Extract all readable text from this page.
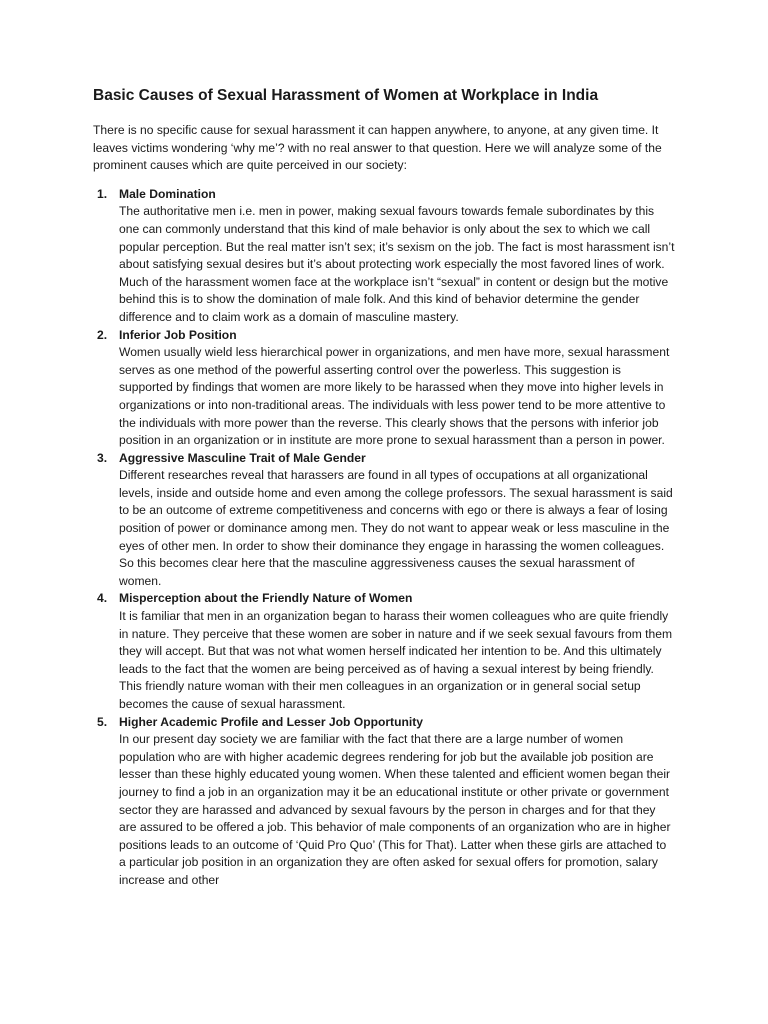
Basic Causes of Sexual Harassment of Women at Workplace in India

There is no specific cause for sexual harassment it can happen anywhere, to anyone, at any given time. It leaves victims wondering ‘why me’? with no real answer to that question. Here we will analyze some of the prominent causes which are quite perceived in our society:

1. Male Domination
The authoritative men i.e. men in power, making sexual favours towards female subordinates by this one can commonly understand that this kind of male behavior is only about the sex to which we call popular perception. But the real matter isn’t sex; it’s sexism on the job. The fact is most harassment isn’t about satisfying sexual desires but it’s about protecting work especially the most favored lines of work. Much of the harassment women face at the workplace isn’t “sexual” in content or design but the motive behind this is to show the domination of male folk. And this kind of behavior determine the gender difference and to claim work as a domain of masculine mastery.
2. Inferior Job Position
Women usually wield less hierarchical power in organizations, and men have more, sexual harassment serves as one method of the powerful asserting control over the powerless. This suggestion is supported by findings that women are more likely to be harassed when they move into higher levels in organizations or into non-traditional areas. The individuals with less power tend to be more attentive to the individuals with more power than the reverse. This clearly shows that the persons with inferior job position in an organization or in institute are more prone to sexual harassment than a person in power.
3. Aggressive Masculine Trait of Male Gender
Different researches reveal that harassers are found in all types of occupations at all organizational levels, inside and outside home and even among the college professors. The sexual harassment is said to be an outcome of extreme competitiveness and concerns with ego or there is always a fear of losing position of power or dominance among men. They do not want to appear weak or less masculine in the eyes of other men. In order to show their dominance they engage in harassing the women colleagues. So this becomes clear here that the masculine aggressiveness causes the sexual harassment of women.
4. Misperception about the Friendly Nature of Women
It is familiar that men in an organization began to harass their women colleagues who are quite friendly in nature. They perceive that these women are sober in nature and if we seek sexual favours from them they will accept. But that was not what women herself indicated her intention to be. And this ultimately leads to the fact that the women are being perceived as of having a sexual interest by being friendly. This friendly nature woman with their men colleagues in an organization or in general social setup becomes the cause of sexual harassment.
5. Higher Academic Profile and Lesser Job Opportunity
In our present day society we are familiar with the fact that there are a large number of women population who are with higher academic degrees rendering for job but the available job position are lesser than these highly educated young women. When these talented and efficient women began their journey to find a job in an organization may it be an educational institute or other private or government sector they are harassed and advanced by sexual favours by the person in charges and for that they are assured to be offered a job. This behavior of male components of an organization who are in higher positions leads to an outcome of ‘Quid Pro Quo’ (This for That). Latter when these girls are attached to a particular job position in an organization they are often asked for sexual offers for promotion, salary increase and other
